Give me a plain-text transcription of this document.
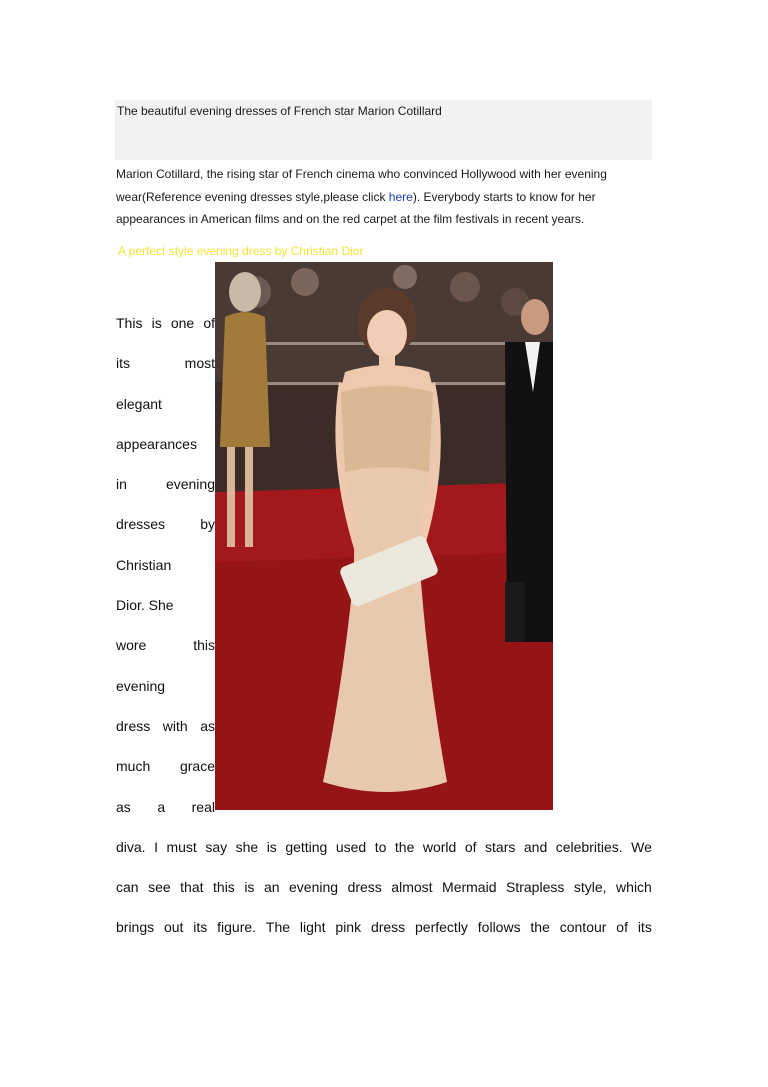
The beautiful evening dresses of French star Marion Cotillard
Marion Cotillard, the rising star of French cinema who convinced Hollywood with her evening
wear(Reference evening dresses style,please click here). Everybody starts to know for her
appearances in American films and on the red carpet at the film festivals in recent years.
A perfect style evening dress by Christian Dior
This is one of
its	most
elegant
appearances
in	evening
dresses	by
Christian
Dior. She
wore	this
evening
dress with as
much grace
as a real
diva. I must say she is getting used to the world of stars and celebrities. We
can see that this is an evening dress almost Mermaid Strapless style, which
brings out its figure. The light pink dress perfectly follows the contour of its
